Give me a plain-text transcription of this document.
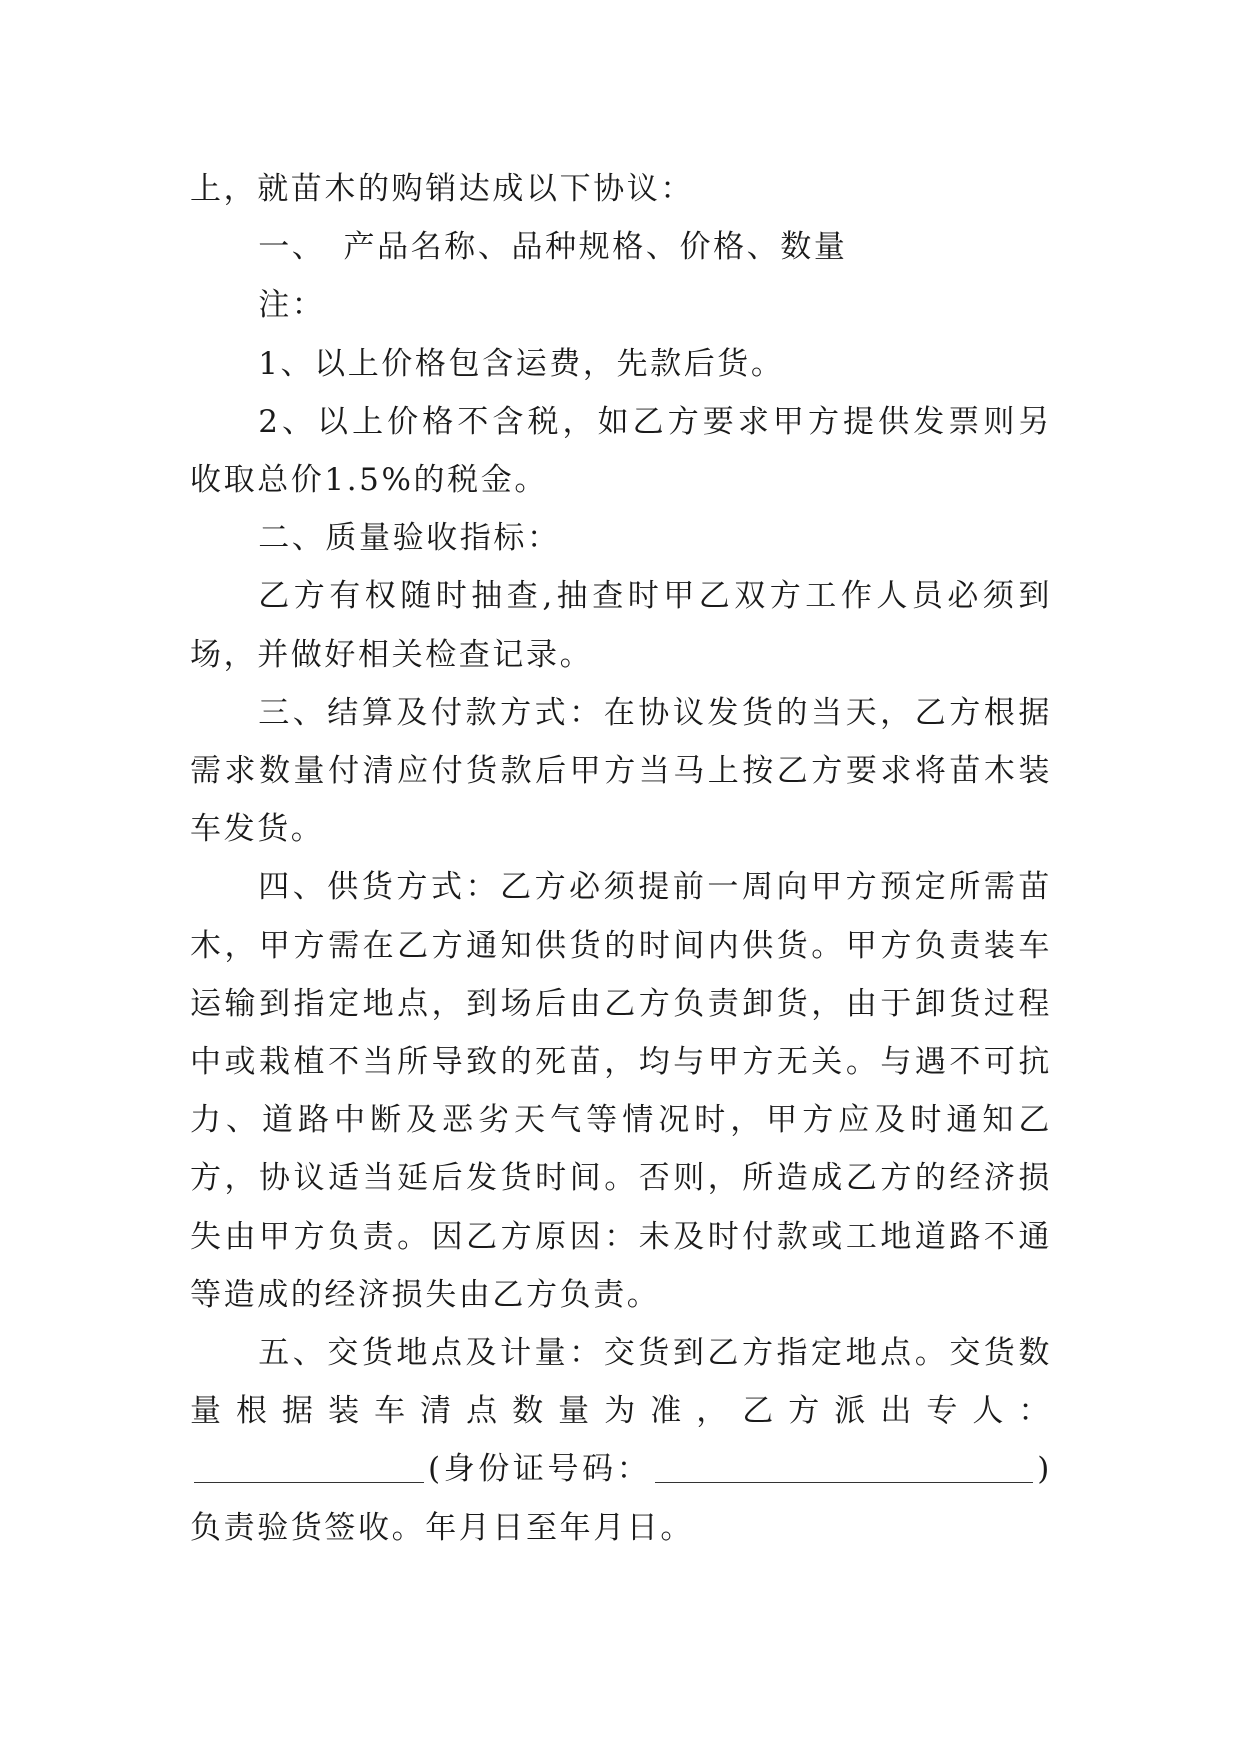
上，就苗木的购销达成以下协议：

一、　产品名称、品种规格、价格、数量

注：

1、以上价格包含运费，先款后货。

2、以上价格不含税，如乙方要求甲方提供发票则另收取总价1.5%的税金。

二、质量验收指标：

乙方有权随时抽查,抽查时甲乙双方工作人员必须到场，并做好相关检查记录。

三、结算及付款方式：在协议发货的当天，乙方根据需求数量付清应付货款后甲方当马上按乙方要求将苗木装车发货。

四、供货方式：乙方必须提前一周向甲方预定所需苗木，甲方需在乙方通知供货的时间内供货。甲方负责装车运输到指定地点，到场后由乙方负责卸货，由于卸货过程中或栽植不当所导致的死苗，均与甲方无关。与遇不可抗力、道路中断及恶劣天气等情况时，甲方应及时通知乙方，协议适当延后发货时间。否则，所造成乙方的经济损失由甲方负责。因乙方原因：未及时付款或工地道路不通等造成的经济损失由乙方负责。

五、交货地点及计量：交货到乙方指定地点。交货数量根据装车清点数量为准，乙方派出专人：(身份证号码：	)负责验货签收。年月日至年月日。
